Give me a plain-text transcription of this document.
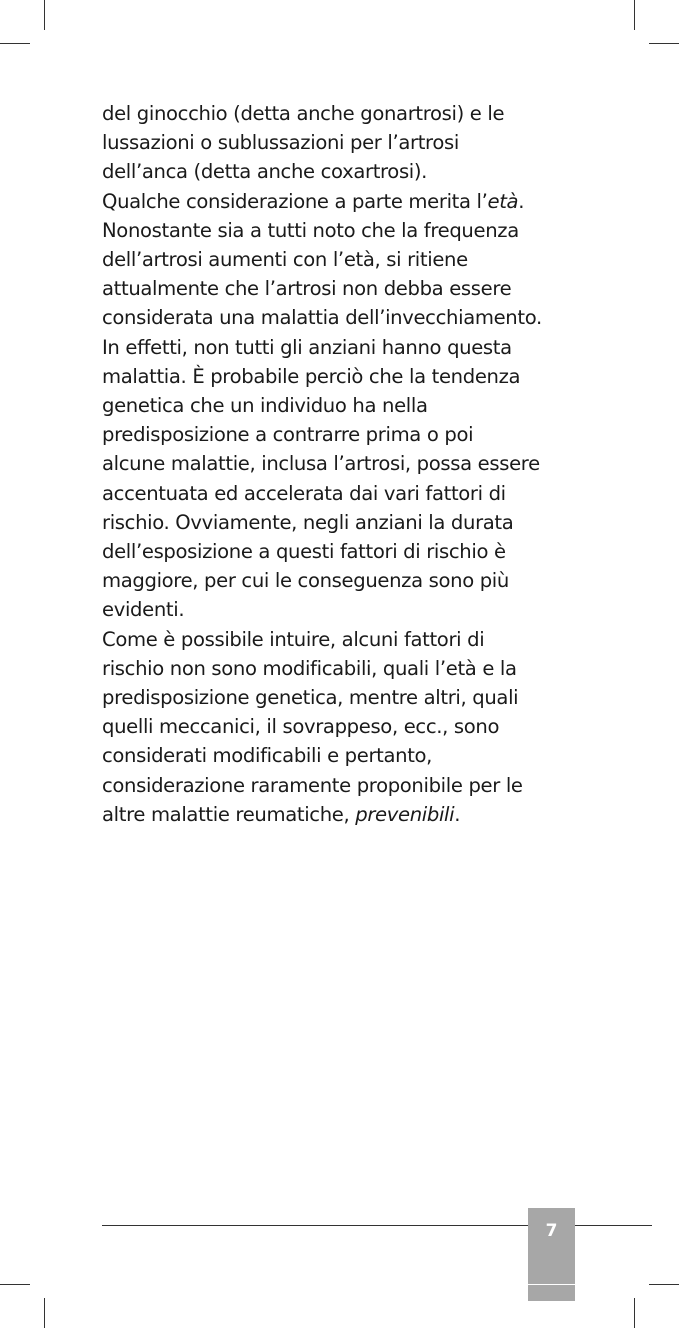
del ginocchio (detta anche gonartrosi) e le
lussazioni o sublussazioni per l’artrosi
dell’anca (detta anche coxartrosi).
Qualche considerazione a parte merita l’età.
Nonostante sia a tutti noto che la frequenza
dell’artrosi aumenti con l’età, si ritiene
attualmente che l’artrosi non debba essere
considerata una malattia dell’invecchiamento.
In effetti, non tutti gli anziani hanno questa
malattia. È probabile perciò che la tendenza
genetica che un individuo ha nella
predisposizione a contrarre prima o poi
alcune malattie, inclusa l’artrosi, possa essere
accentuata ed accelerata dai vari fattori di
rischio. Ovviamente, negli anziani la durata
dell’esposizione a questi fattori di rischio è
maggiore, per cui le conseguenza sono più
evidenti.
Come è possibile intuire, alcuni fattori di
rischio non sono modificabili, quali l’età e la
predisposizione genetica, mentre altri, quali
quelli meccanici, il sovrappeso, ecc., sono
considerati modificabili e pertanto,
considerazione raramente proponibile per le
altre malattie reumatiche, prevenibili.
7
